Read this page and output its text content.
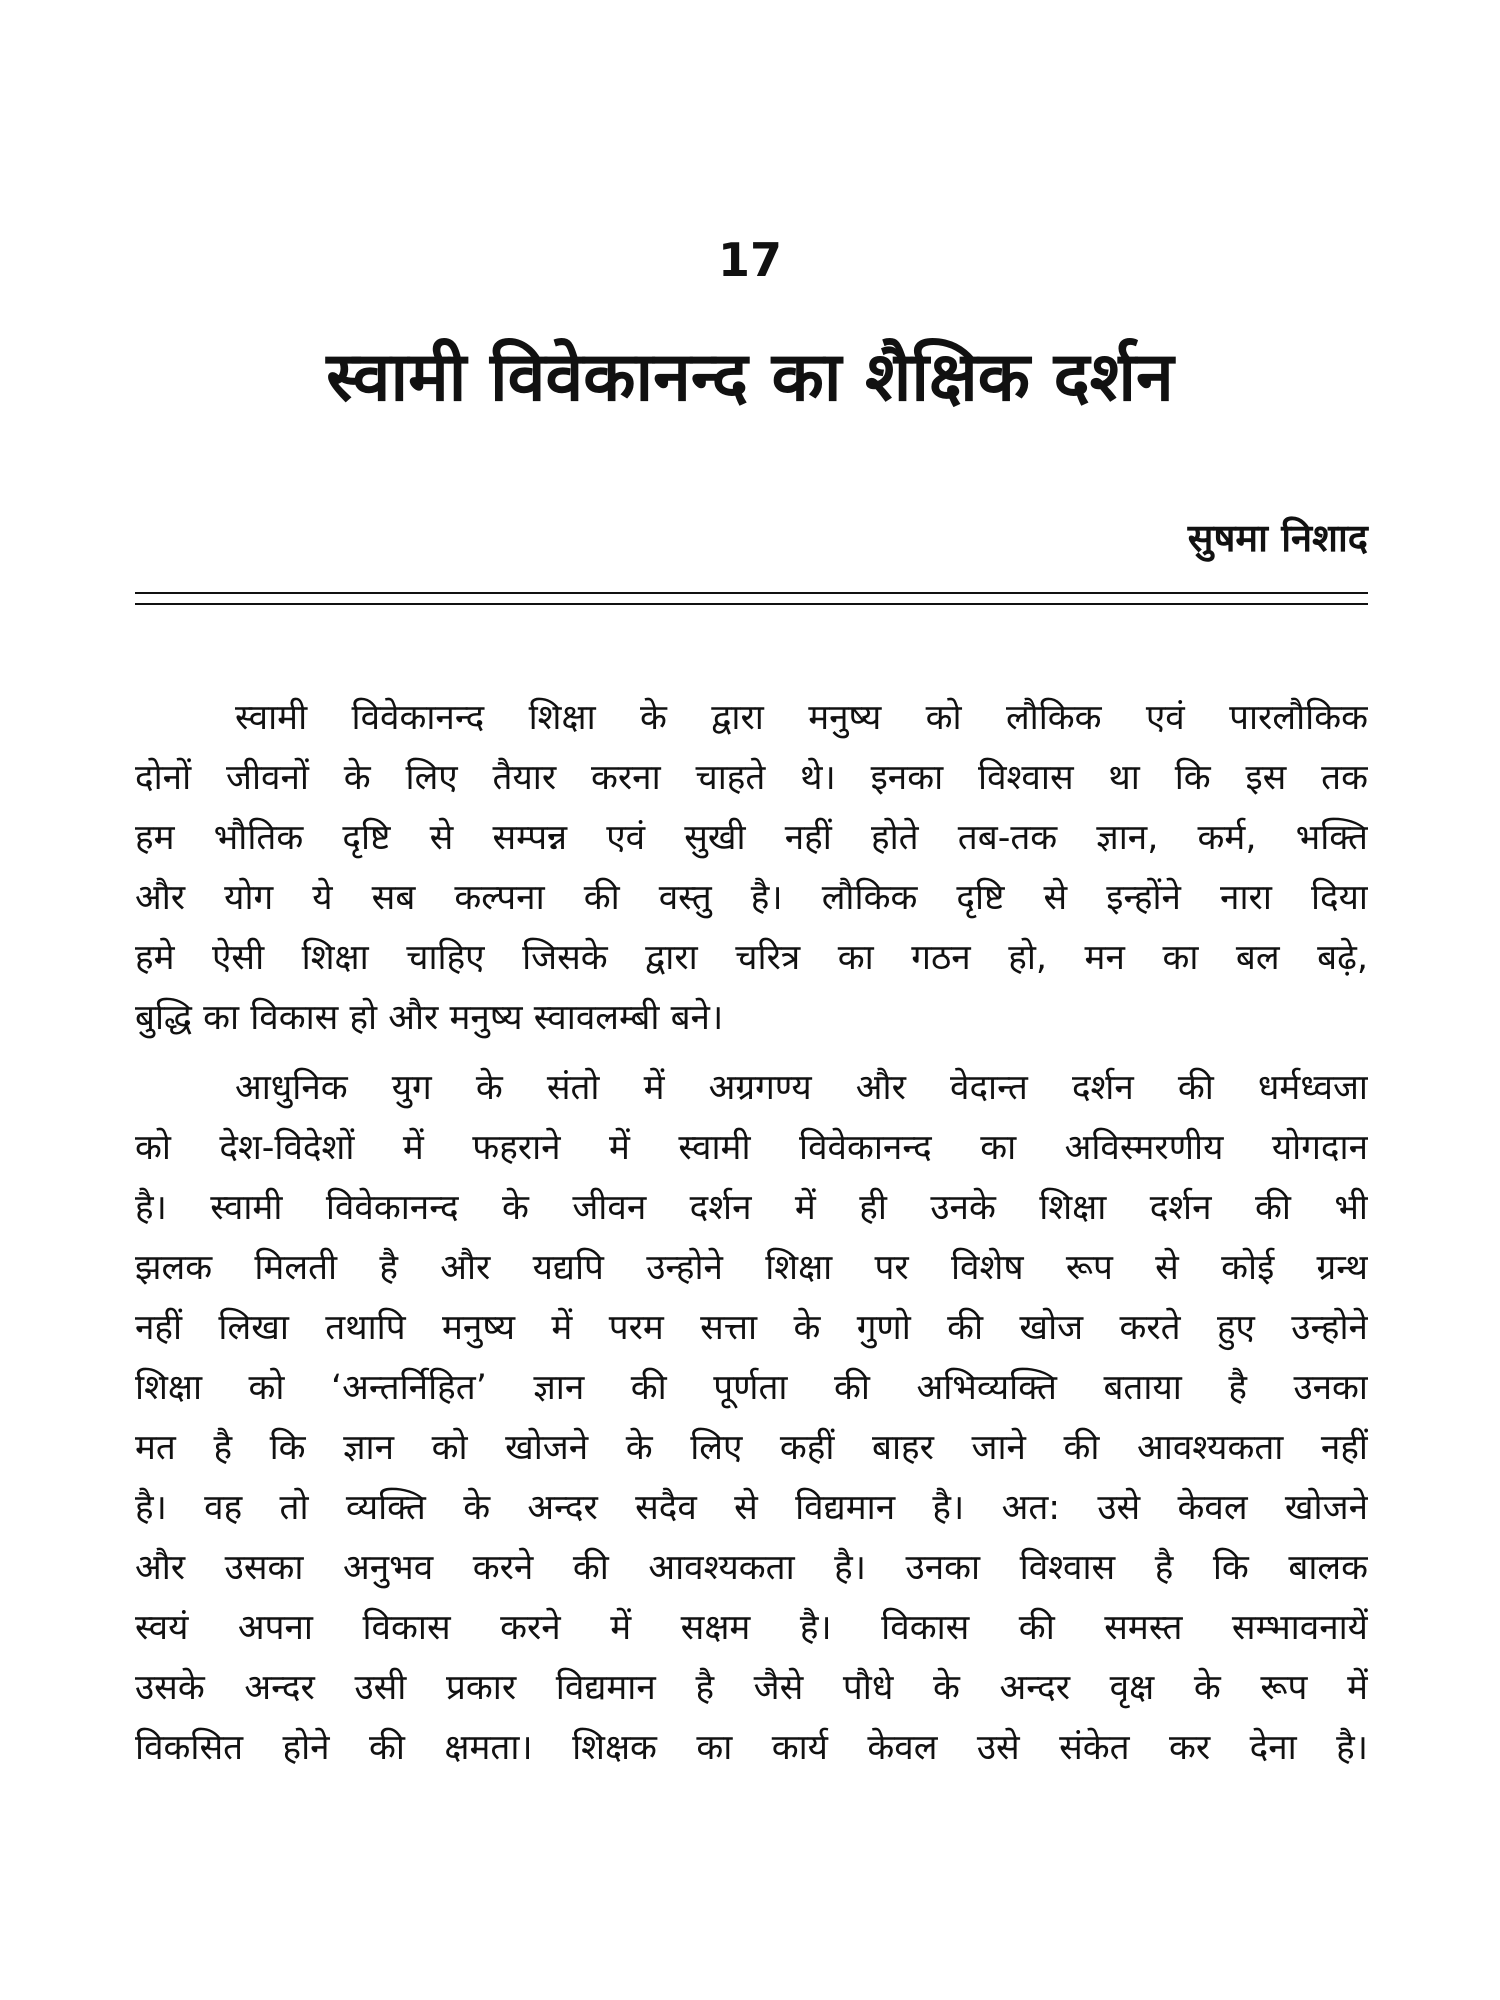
17
स्वामी विवेकानन्द का शैक्षिक दर्शन
सुषमा निशाद
स्वामी विवेकानन्द शिक्षा के द्वारा मनुष्य को लौकिक एवं पारलौकिक
दोनों जीवनों के लिए तैयार करना चाहते थे। इनका विश्वास था कि इस तक
हम भौतिक दृष्टि से सम्पन्न एवं सुखी नहीं होते तब-तक ज्ञान, कर्म, भक्ति
और योग ये सब कल्पना की वस्तु है। लौकिक दृष्टि से इन्होंने नारा दिया
हमे ऐसी शिक्षा चाहिए जिसके द्वारा चरित्र का गठन हो, मन का बल बढ़े,
बुद्धि का विकास हो और मनुष्य स्वावलम्बी बने।
आधुनिक युग के संतो में अग्रगण्य और वेदान्त दर्शन की धर्मध्वजा
को देश-विदेशों में फहराने में स्वामी विवेकानन्द का अविस्मरणीय योगदान
है। स्वामी विवेकानन्द के जीवन दर्शन में ही उनके शिक्षा दर्शन की भी
झलक मिलती है और यद्यपि उन्होने शिक्षा पर विशेष रूप से कोई ग्रन्थ
नहीं लिखा तथापि मनुष्य में परम सत्ता के गुणो की खोज करते हुए उन्होने
शिक्षा को ‘अन्तर्निहित’ ज्ञान की पूर्णता की अभिव्यक्ति बताया है उनका
मत है कि ज्ञान को खोजने के लिए कहीं बाहर जाने की आवश्यकता नहीं
है। वह तो व्यक्ति के अन्दर सदैव से विद्यमान है। अत: उसे केवल खोजने
और उसका अनुभव करने की आवश्यकता है। उनका विश्वास है कि बालक
स्वयं अपना विकास करने में सक्षम है। विकास की समस्त सम्भावनायें
उसके अन्दर उसी प्रकार विद्यमान है जैसे पौधे के अन्दर वृक्ष के रूप में
विकसित होने की क्षमता। शिक्षक का कार्य केवल उसे संकेत कर देना है।
